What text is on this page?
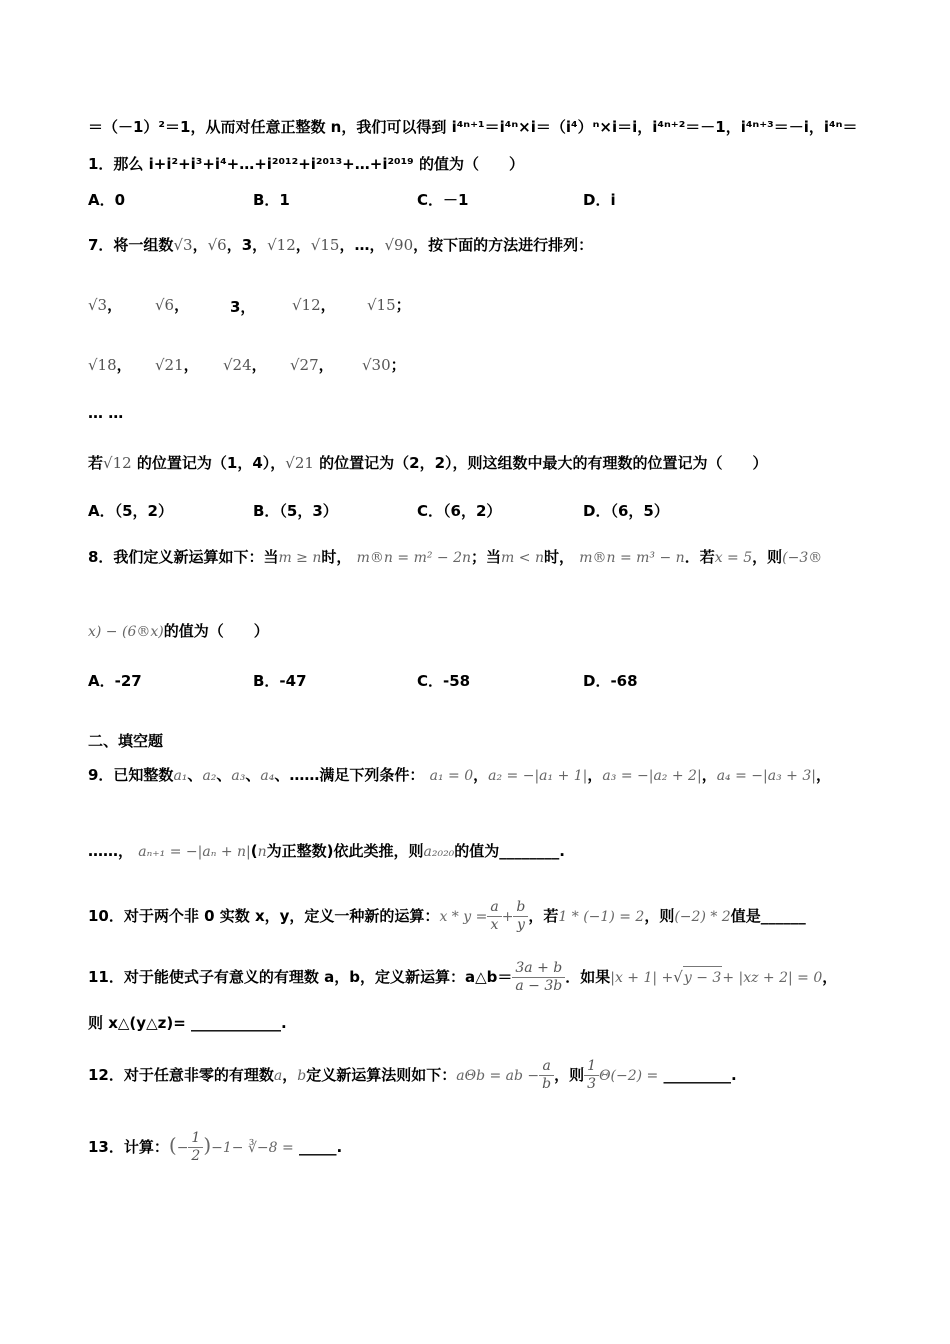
＝（－1）²＝1，从而对任意正整数 n，我们可以得到 i⁴ⁿ⁺¹＝i⁴ⁿ×i＝（i⁴）ⁿ×i＝i，i⁴ⁿ⁺²＝－1，i⁴ⁿ⁺³＝－i，i⁴ⁿ＝
1．那么 i+i²+i³+i⁴+…+i²⁰¹²+i²⁰¹³+…+i²⁰¹⁹ 的值为（　　）
A．0	B．1	C．－1	D．i
7．将一组数√3，√6，3，√12，√15，…，√90，按下面的方法进行排列：
√3， √6，	3， √12， √15；
√18， √21， √24， √27， √30；
… …
若√12 的位置记为（1，4），√21 的位置记为（2，2），则这组数中最大的有理数的位置记为（　　）
A．（5，2）	B．（5，3）	C．（6，2）	D．（6，5）
8．我们定义新运算如下：当m ≥ n时， m®n = m² − 2n；当m < n时， m®n = m³ − n．若x = 5，则(−3®
x) − (6®x)的值为（　　）
A．-27	B．-47	C．-58	D．-68
二、填空题
9．已知整数a₁、a₂、a₃、a₄、……满足下列条件： a₁ = 0，a₂ = −|a₁ + 1|，a₃ = −|a₂ + 2|，a₄ = −|a₃ + 3|，
……， aₙ₊₁ = −|aₙ + n|(n为正整数)依此类推，则a₂₀₂₀的值为________.
10．对于两个非 0 实数 x，y，定义一种新的运算：$x * y = \frac{a}{x} + \frac{b}{y}$ ，若1 * (−1) = 2，则(−2) * 2值是______
11．对于能使式子有意义的有理数 a，b，定义新运算：a△b＝ $\frac{3a + b}{a - 3b}$ ．如果|x + 1| +√y − 3+ |xz + 2| = 0，
则 x△(y△z)= ____________.
12．对于任意非零的有理数a，b定义新运算法则如下：aΘb = ab − $\frac{a}{b}$ ，则 $\frac{1}{3} \Theta(-2)$ = _________.
13．计算：(− $\frac{1}{2} )-1-$ ∛−8 = _____.
